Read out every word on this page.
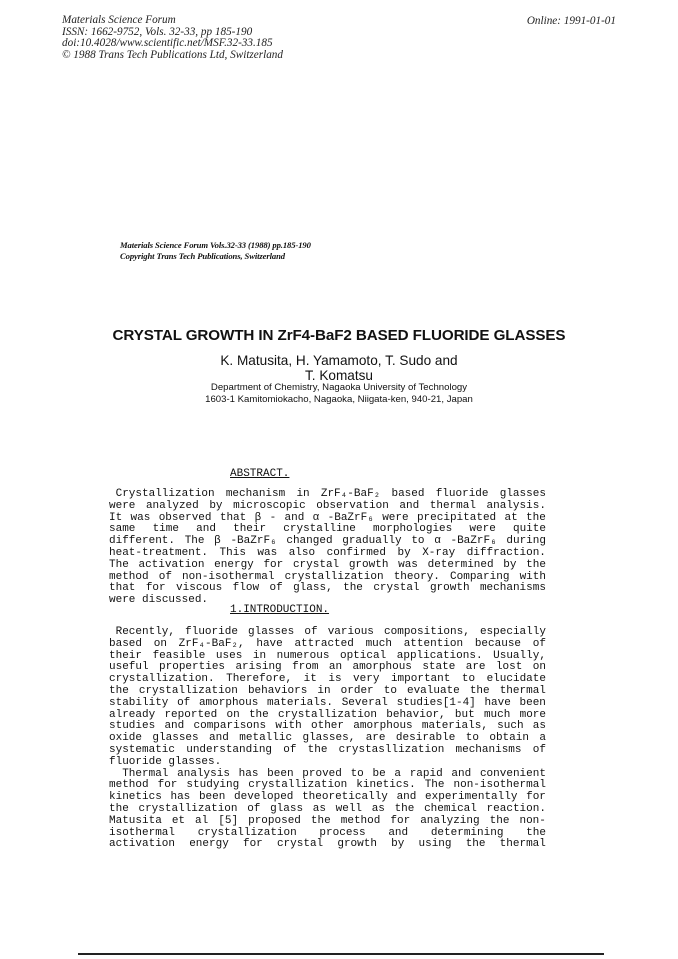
Materials Science Forum
ISSN: 1662-9752, Vols. 32-33, pp 185-190
doi:10.4028/www.scientific.net/MSF.32-33.185
© 1988 Trans Tech Publications Ltd, Switzerland
Online: 1991-01-01
Materials Science Forum Vols.32-33 (1988) pp.185-190
Copyright Trans Tech Publications, Switzerland
CRYSTAL GROWTH IN ZrF4-BaF2 BASED FLUORIDE GLASSES
K. Matusita, H. Yamamoto, T. Sudo and
T. Komatsu
Department of Chemistry, Nagaoka University of Technology
1603-1 Kamitomiokacho, Nagaoka, Niigata-ken, 940-21, Japan
ABSTRACT.
Crystallization mechanism in ZrF₄-BaF₂ based fluoride glasses
were analyzed by microscopic observation and thermal analysis.
It was observed that β - and α -BaZrF₆ were precipitated at the
same time and their crystalline morphologies were quite
different. The β -BaZrF₆ changed gradually to α -BaZrF₆ during
heat-treatment. This was also confirmed by X-ray diffraction.
The activation energy for crystal growth was determined by the
method of non-isothermal crystallization theory. Comparing with
that for viscous flow of glass, the crystal growth mechanisms
were discussed.
1.INTRODUCTION.
Recently, fluoride glasses of various compositions, especially
based on ZrF₄-BaF₂, have attracted much attention because of
their feasible uses in numerous optical applications. Usually,
useful properties arising from an amorphous state are lost on
crystallization. Therefore, it is very important to elucidate
the crystallization behaviors in order to evaluate the thermal
stability of amorphous materials. Several studies[1-4] have been
already reported on the crystallization behavior, but much more
studies and comparisons with other amorphous materials, such as
oxide glasses and metallic glasses, are desirable to obtain a
systematic understanding of the crystasllization mechanisms of
fluoride glasses.
Thermal analysis has been proved to be a rapid and convenient
method for studying crystallization kinetics. The non-isothermal
kinetics has been developed theoretically and experimentally for
the crystallization of glass as well as the chemical reaction.
Matusita et al [5] proposed the method for analyzing the non-
isothermal crystallization process and determining the
activation energy for crystal growth by using the thermal
